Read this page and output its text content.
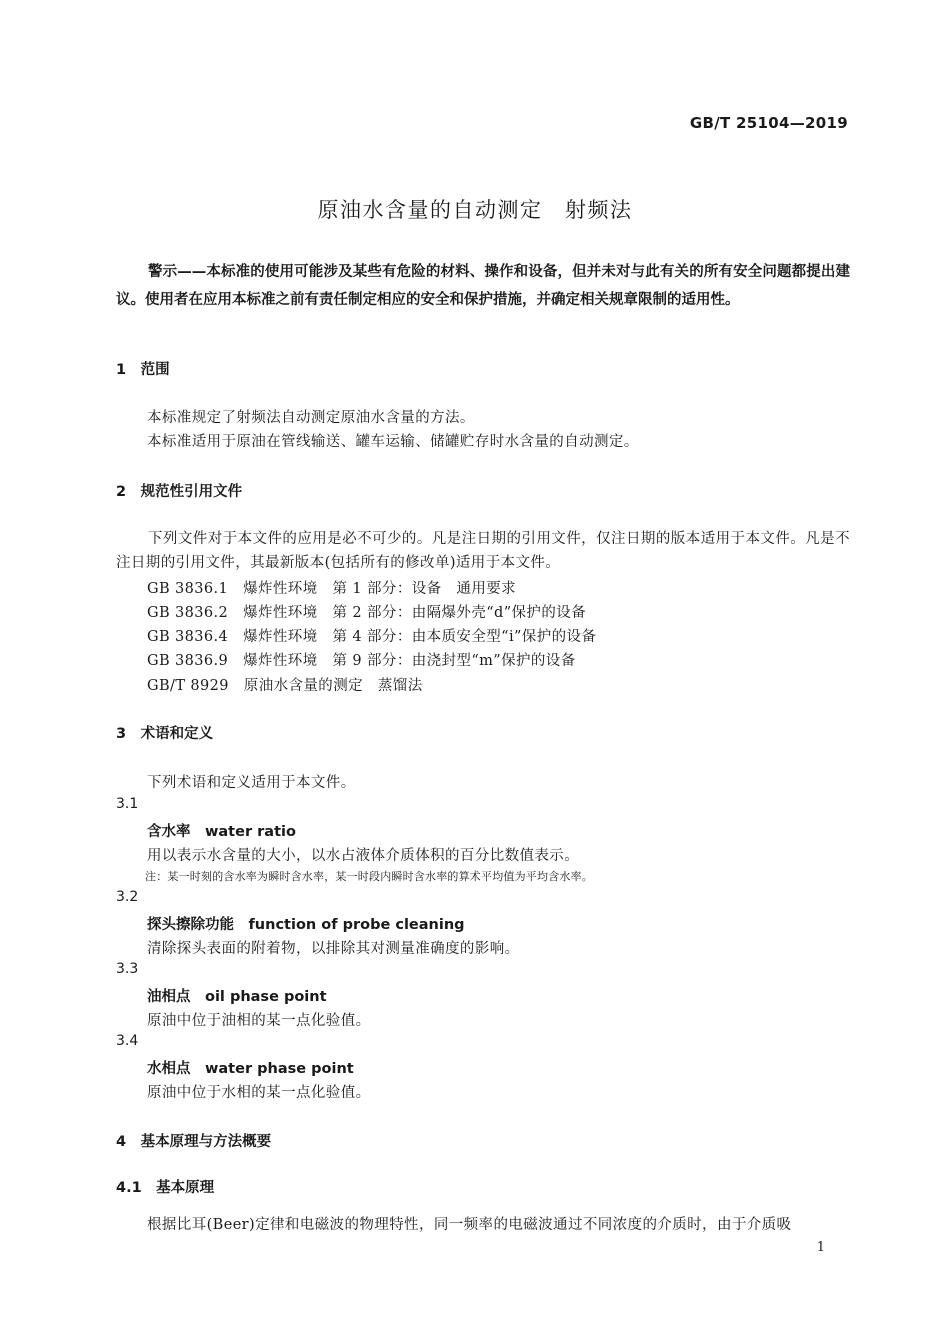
GB/T 25104—2019
原油水含量的自动测定　射频法
警示——本标准的使用可能涉及某些有危险的材料、操作和设备，但并未对与此有关的所有安全问题都提出建议。使用者在应用本标准之前有责任制定相应的安全和保护措施，并确定相关规章限制的适用性。
1　范围
本标准规定了射频法自动测定原油水含量的方法。
本标准适用于原油在管线输送、罐车运输、储罐贮存时水含量的自动测定。
2　规范性引用文件
下列文件对于本文件的应用是必不可少的。凡是注日期的引用文件，仅注日期的版本适用于本文件。凡是不注日期的引用文件，其最新版本(包括所有的修改单)适用于本文件。
GB 3836.1　爆炸性环境　第 1 部分：设备　通用要求
GB 3836.2　爆炸性环境　第 2 部分：由隔爆外壳“d”保护的设备
GB 3836.4　爆炸性环境　第 4 部分：由本质安全型“i”保护的设备
GB 3836.9　爆炸性环境　第 9 部分：由浇封型“m”保护的设备
GB/T 8929　原油水含量的测定　蒸馏法
3　术语和定义
下列术语和定义适用于本文件。
3.1
含水率　water ratio
用以表示水含量的大小，以水占液体介质体积的百分比数值表示。
注：某一时刻的含水率为瞬时含水率，某一时段内瞬时含水率的算术平均值为平均含水率。
3.2
探头擦除功能　function of probe cleaning
清除探头表面的附着物，以排除其对测量准确度的影响。
3.3
油相点　oil phase point
原油中位于油相的某一点化验值。
3.4
水相点　water phase point
原油中位于水相的某一点化验值。
4　基本原理与方法概要
4.1　基本原理
根据比耳(Beer)定律和电磁波的物理特性，同一频率的电磁波通过不同浓度的介质时，由于介质吸
1
